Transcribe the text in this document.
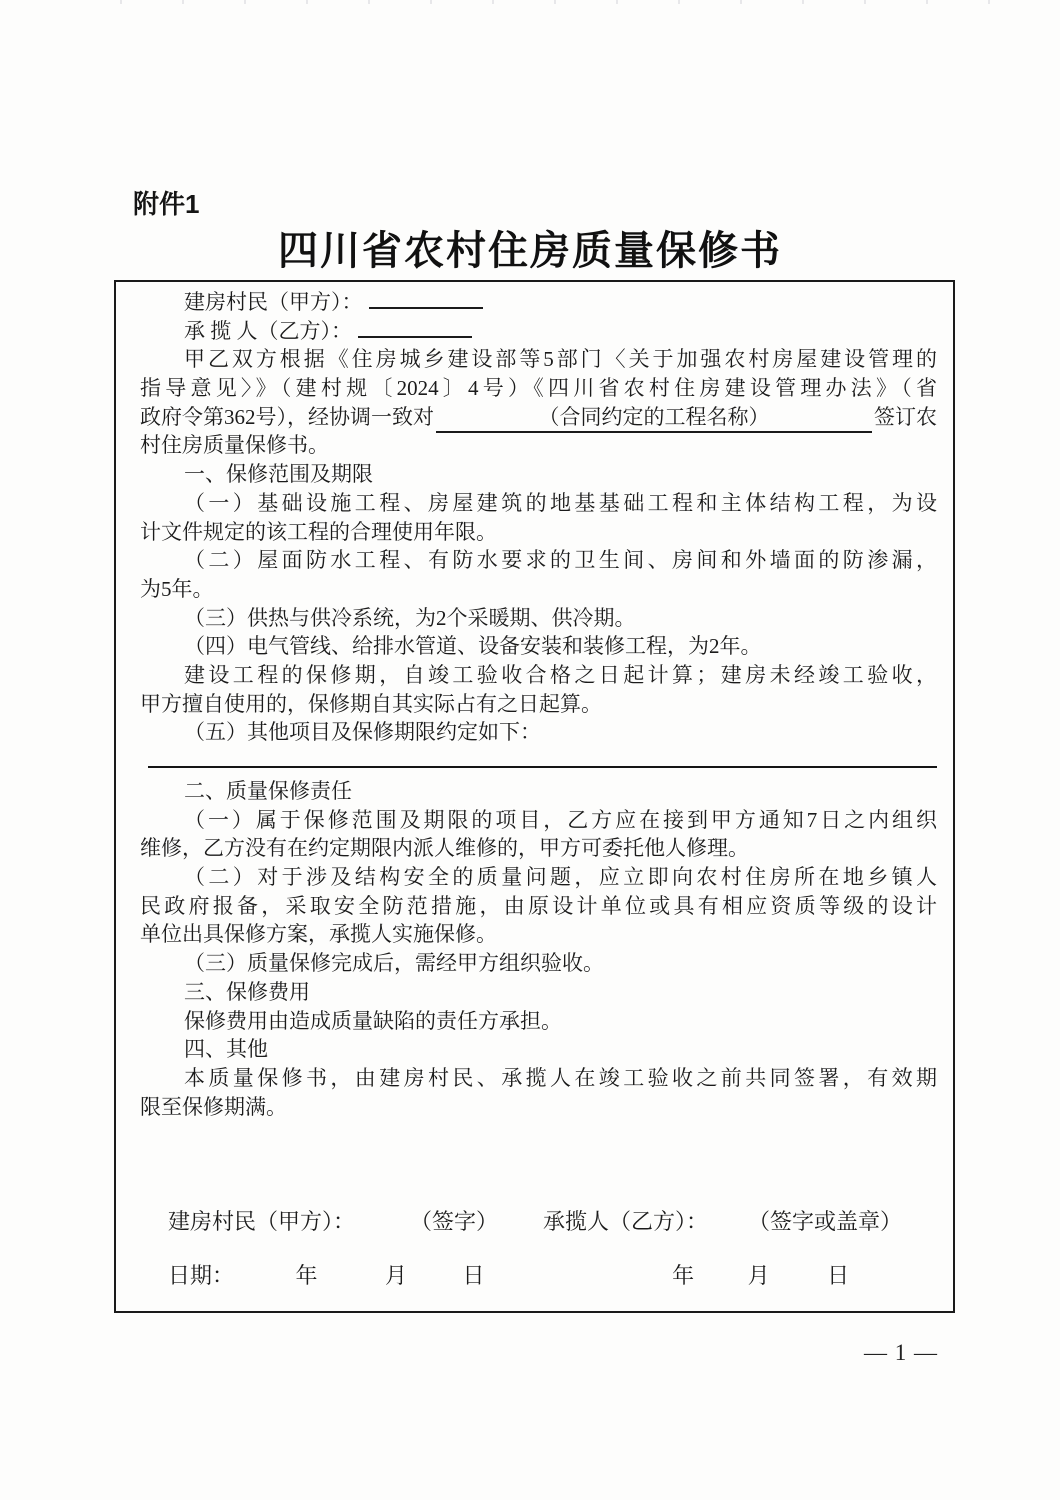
附件1
四川省农村住房质量保修书
建房村民（甲方）：
承 揽 人（乙方）：
甲乙双方根据《住房城乡建设部等5部门〈关于加强农村房屋建设管理的
指导意见〉》（建村规〔2024〕4号）《四川省农村住房建设管理办法》（省
政府令第362号），经协调一致对	（合同约定的工程名称）	签订农
村住房质量保修书。
一、保修范围及期限
（一）基础设施工程、房屋建筑的地基基础工程和主体结构工程，为设
计文件规定的该工程的合理使用年限。
（二）屋面防水工程、有防水要求的卫生间、房间和外墙面的防渗漏，
为5年。
（三）供热与供冷系统，为2个采暖期、供冷期。
（四）电气管线、给排水管道、设备安装和装修工程，为2年。
建设工程的保修期，自竣工验收合格之日起计算；建房未经竣工验收，
甲方擅自使用的，保修期自其实际占有之日起算。
（五）其他项目及保修期限约定如下：
二、质量保修责任
（一）属于保修范围及期限的项目，乙方应在接到甲方通知7日之内组织
维修，乙方没有在约定期限内派人维修的，甲方可委托他人修理。
（二）对于涉及结构安全的质量问题，应立即向农村住房所在地乡镇人
民政府报备，采取安全防范措施，由原设计单位或具有相应资质等级的设计
单位出具保修方案，承揽人实施保修。
（三）质量保修完成后，需经甲方组织验收。
三、保修费用
保修费用由造成质量缺陷的责任方承担。
四、其他
本质量保修书，由建房村民、承揽人在竣工验收之前共同签署，有效期
限至保修期满。
建房村民（甲方）：	（签字） 承揽人（乙方）： （签字或盖章）
日期：	年	月	日	年 月	日
— 1 —
